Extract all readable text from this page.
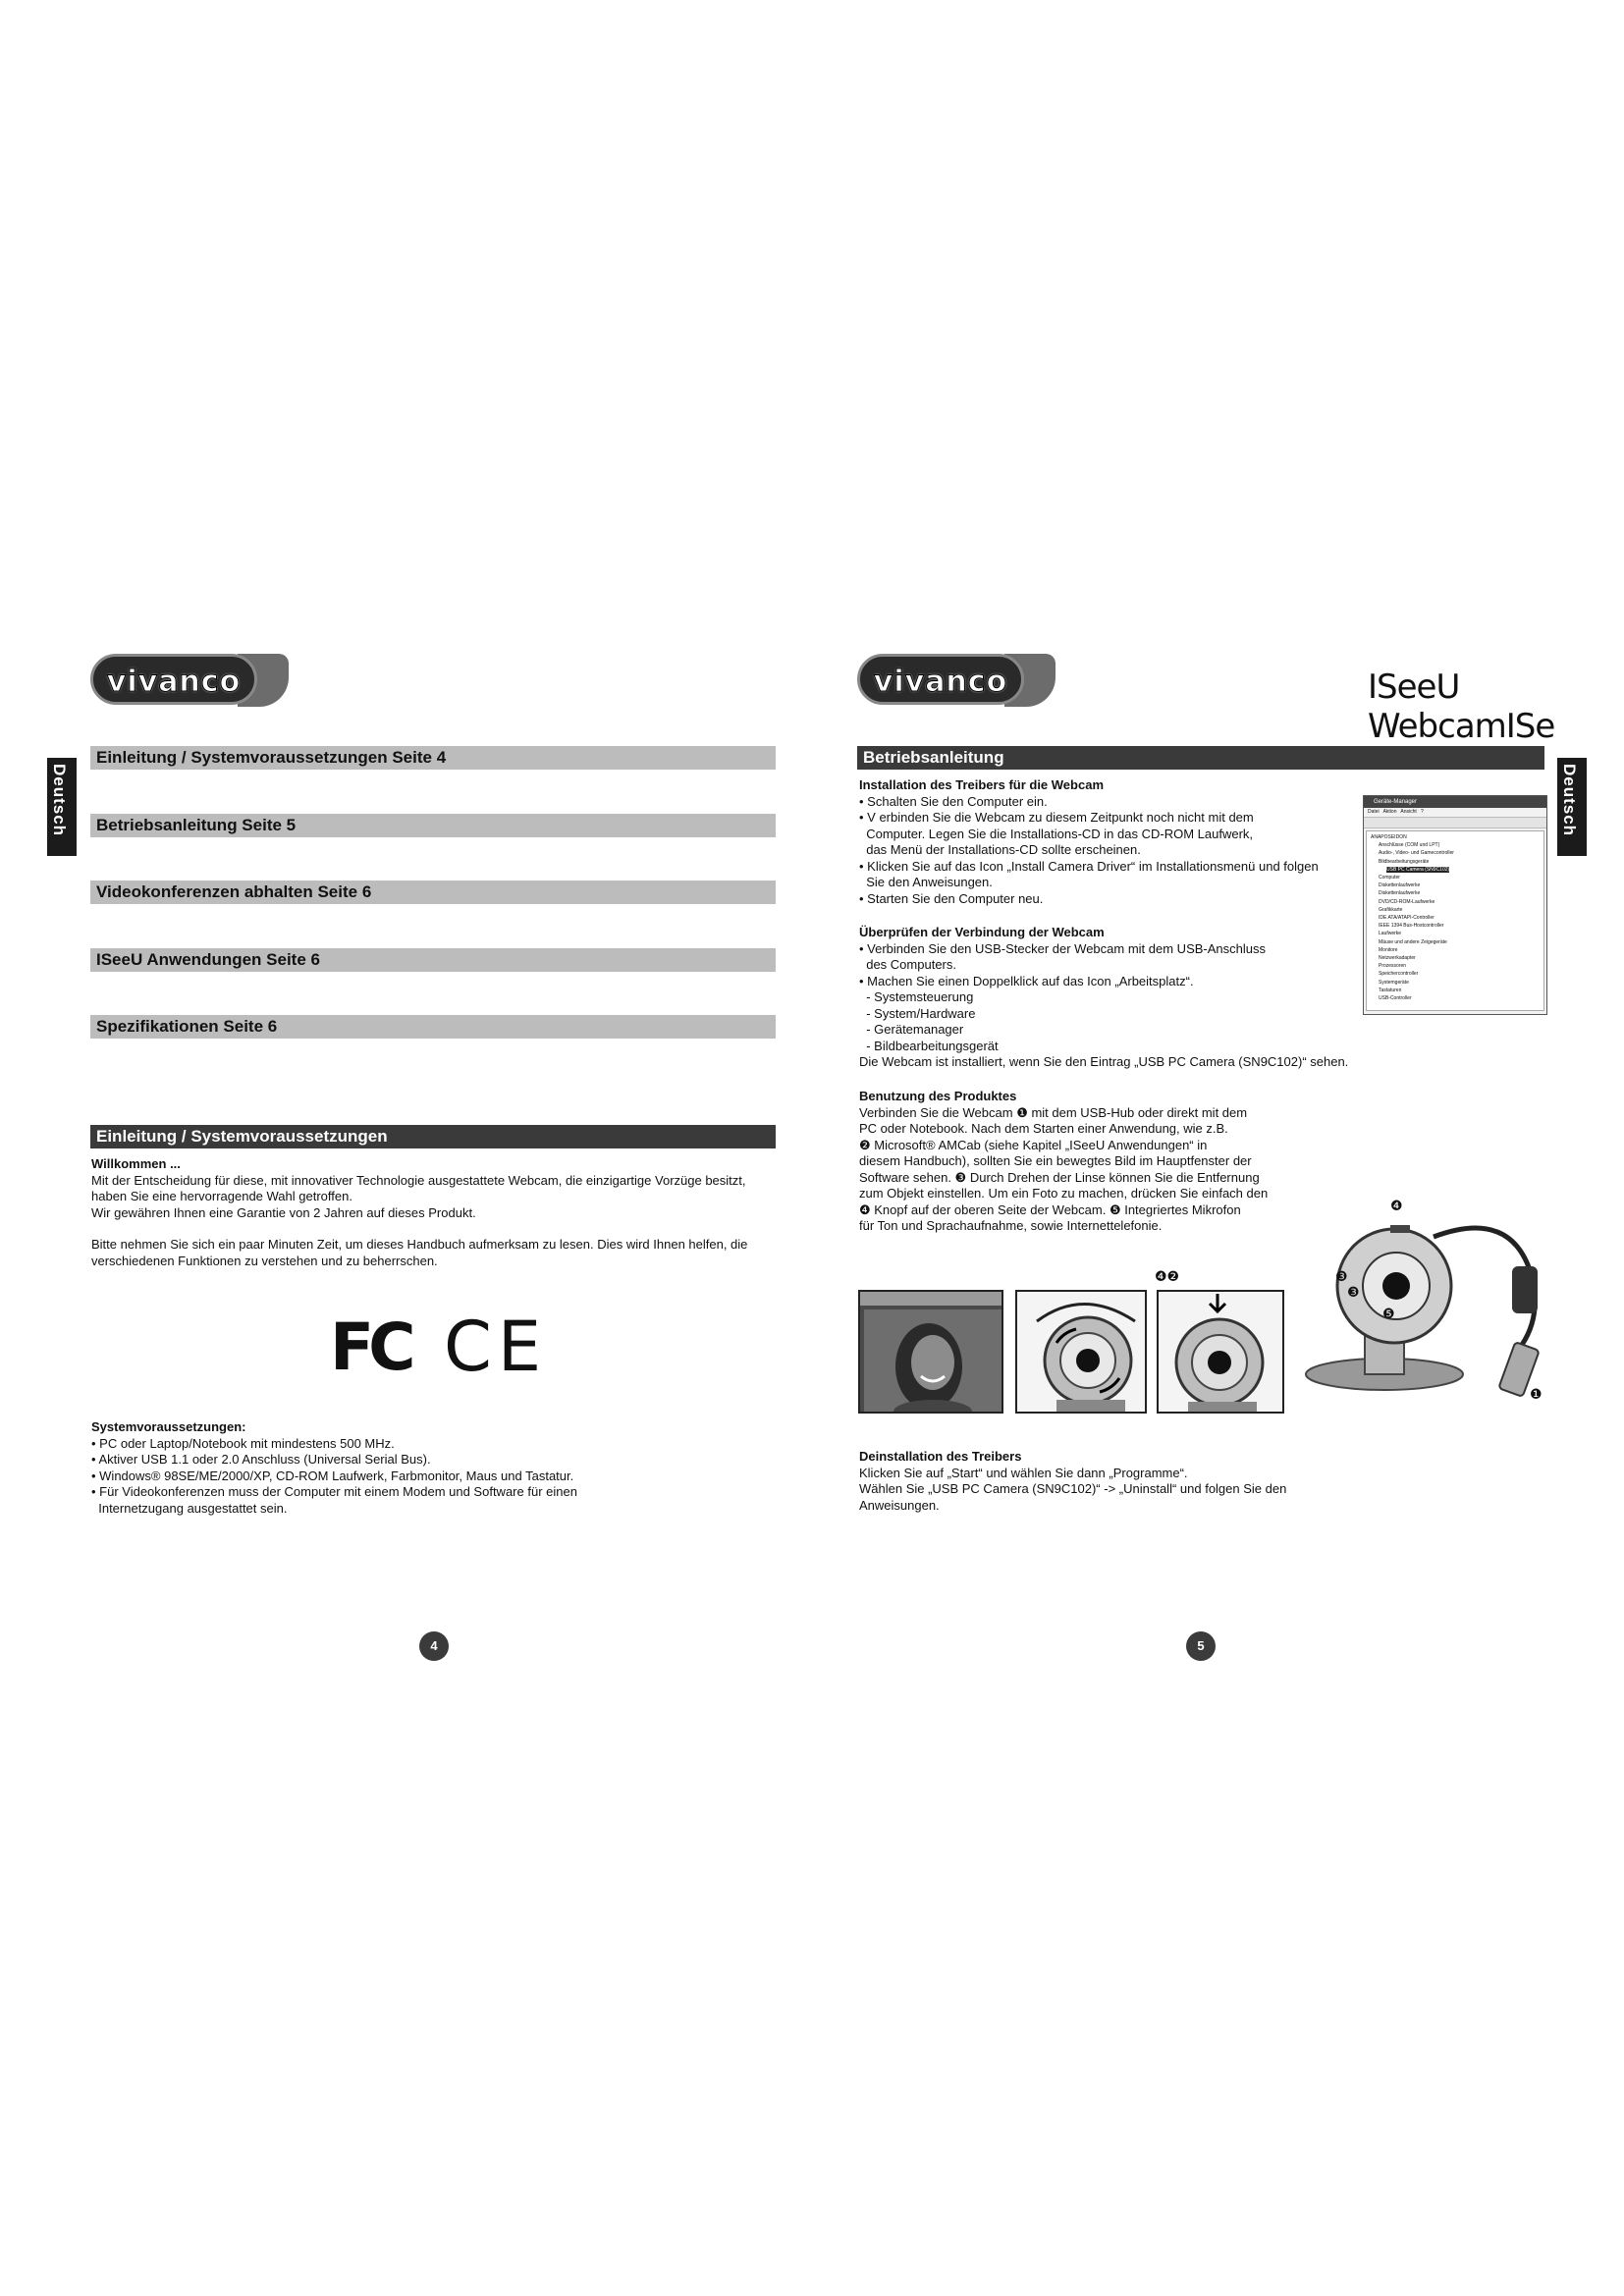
vivanco
Deutsch
Einleitung / Systemvoraussetzungen Seite 4
Betriebsanleitung Seite 5
Videokonferenzen abhalten Seite 6
ISeeU Anwendungen Seite 6
Spezifikationen Seite 6
Einleitung / Systemvoraussetzungen
Willkommen ...
Mit der Entscheidung für diese, mit innovativer Technologie ausgestattete Webcam, die einzigartige Vorzüge besitzt,
haben Sie eine hervorragende Wahl getroffen.
Wir gewähren Ihnen eine Garantie von 2 Jahren auf dieses Produkt.
Bitte nehmen Sie sich ein paar Minuten Zeit, um dieses Handbuch aufmerksam zu lesen. Dies wird Ihnen helfen, die
verschiedenen Funktionen zu verstehen und zu beherrschen.
FC CE
Systemvoraussetzungen:
• PC oder Laptop/Notebook mit mindestens 500 MHz.
• Aktiver USB 1.1 oder 2.0 Anschluss (Universal Serial Bus).
• Windows® 98SE/ME/2000/XP, CD-ROM Laufwerk, Farbmonitor, Maus und Tastatur.
• Für Videokonferenzen muss der Computer mit einem Modem und Software für einen
Internetzugang ausgestattet sein.
4
vivanco	ISeeU WebcamISe
Deutsch
Betriebsanleitung
Installation des Treibers für die Webcam
• Schalten Sie den Computer ein.
• V erbinden Sie die Webcam zu diesem Zeitpunkt noch nicht mit dem
Computer. Legen Sie die Installations-CD in das CD-ROM Laufwerk,
das Menü der Installations-CD sollte erscheinen.
• Klicken Sie auf das Icon „Install Camera Driver“ im Installationsmenü und folgen
Sie den Anweisungen.
• Starten Sie den Computer neu.
Geräte-Manager
Datei Aktion Ansicht ?
ANAPOSEIDON
Anschlüsse (COM und LPT)
Audio-, Video- und Gamecontroller
Bildbearbeitungsgeräte
USB PC Camera (SN9C102)
Computer
Diskettenlaufwerke
Diskettenlaufwerke
DVD/CD-ROM-Laufwerke
Grafikkarte
IDE ATA/ATAPI-Controller
IEEE 1394 Bus-Hostcontroller
Laufwerke
Mäuse und andere Zeigegeräte
Monitore
Netzwerkadapter
Prozessoren
Speichercontroller
Systemgeräte
Tastaturen
USB-Controller
Überprüfen der Verbindung der Webcam
• Verbinden Sie den USB-Stecker der Webcam mit dem USB-Anschluss
des Computers.
• Machen Sie einen Doppelklick auf das Icon „Arbeitsplatz“.
- Systemsteuerung
- System/Hardware
- Gerätemanager
- Bildbearbeitungsgerät
Die Webcam ist installiert, wenn Sie den Eintrag „USB PC Camera (SN9C102)“ sehen.
Benutzung des Produktes
Verbinden Sie die Webcam ❶ mit dem USB-Hub oder direkt mit dem
PC oder Notebook. Nach dem Starten einer Anwendung, wie z.B.
❷ Microsoft® AMCab (siehe Kapitel „ISeeU Anwendungen“ in
diesem Handbuch), sollten Sie ein bewegtes Bild im Hauptfenster der
Software sehen. ❸ Durch Drehen der Linse können Sie die Entfernung
zum Objekt einstellen. Um ein Foto zu machen, drücken Sie einfach den
❹ Knopf auf der oberen Seite der Webcam. ❺ Integriertes Mikrofon
für Ton und Sprachaufnahme, sowie Internettelefonie.
❹❷
❹
❸
❸
❺
❶
Deinstallation des Treibers
Klicken Sie auf „Start“ und wählen Sie dann „Programme“.
Wählen Sie „USB PC Camera (SN9C102)“ -> „Uninstall“ und folgen Sie den
Anweisungen.
5
